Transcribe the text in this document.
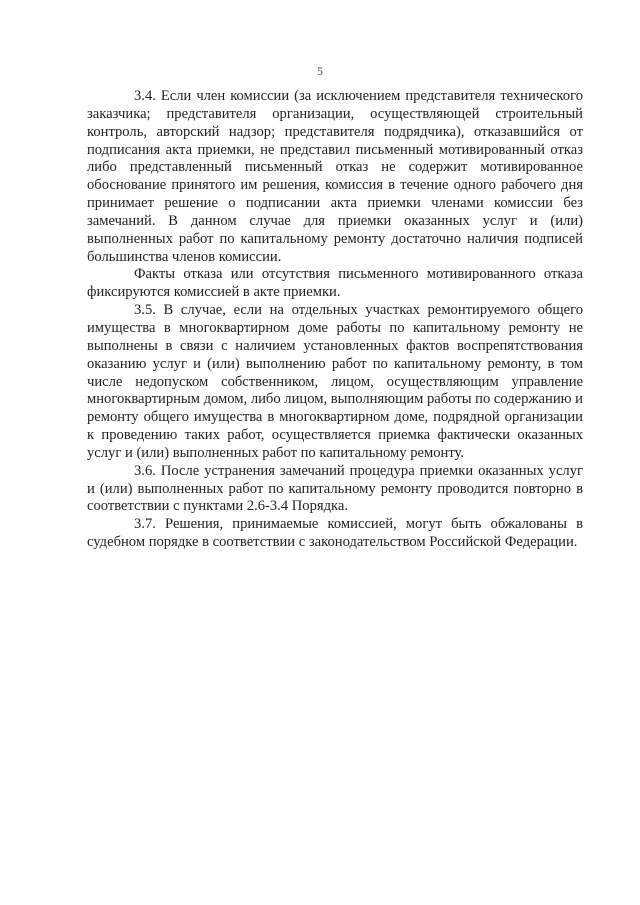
5

3.4. Если член комиссии (за исключением представителя технического заказчика; представителя организации, осуществляющей строительный контроль, авторский надзор; представителя подрядчика), отказавшийся от подписания акта приемки, не представил письменный мотивированный отказ либо представленный письменный отказ не содержит мотивированное обоснование принятого им решения, комиссия в течение одного рабочего дня принимает решение о подписании акта приемки членами комиссии без замечаний. В данном случае для приемки оказанных услуг и (или) выполненных работ по капитальному ремонту достаточно наличия подписей большинства членов комиссии.

Факты отказа или отсутствия письменного мотивированного отказа фиксируются комиссией в акте приемки.

3.5. В случае, если на отдельных участках ремонтируемого общего имущества в многоквартирном доме работы по капитальному ремонту не выполнены в связи с наличием установленных фактов воспрепятствования оказанию услуг и (или) выполнению работ по капитальному ремонту, в том числе недопуском собственником, лицом, осуществляющим управление многоквартирным домом, либо лицом, выполняющим работы по содержанию и ремонту общего имущества в многоквартирном доме, подрядной организации к проведению таких работ, осуществляется приемка фактически оказанных услуг и (или) выполненных работ по капитальному ремонту.

3.6. После устранения замечаний процедура приемки оказанных услуг и (или) выполненных работ по капитальному ремонту проводится повторно в соответствии с пунктами 2.6-3.4 Порядка.

3.7. Решения, принимаемые комиссией, могут быть обжалованы в судебном порядке в соответствии с законодательством Российской Федерации.
